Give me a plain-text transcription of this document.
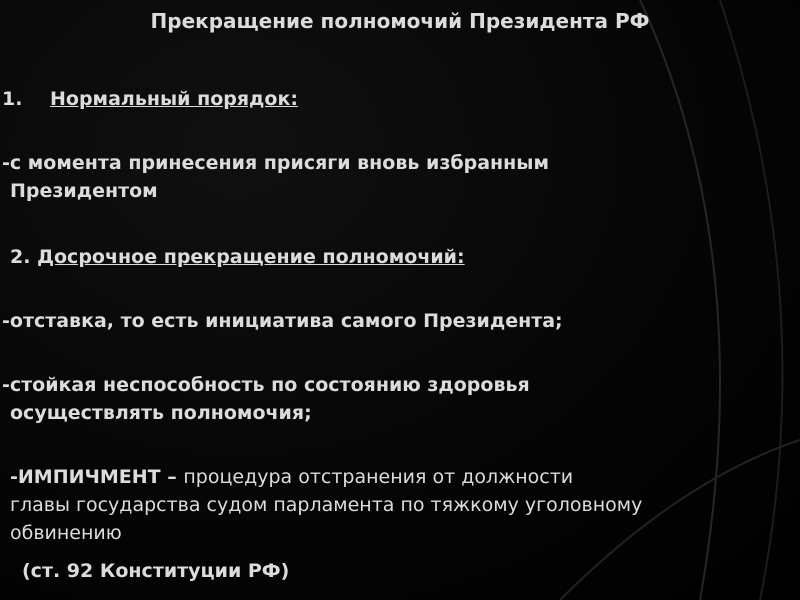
Прекращение полномочий Президента РФ

1. Нормальный порядок:

-с момента принесения присяги вновь избранным

Президентом

2. Досрочное прекращение полномочий:

-отставка, то есть инициатива самого Президента;

-стойкая неспособность по состоянию здоровья

осуществлять полномочия;

-ИМПИЧМЕНТ – процедура отстранения от должности

главы государства судом парламента по тяжкому уголовному

обвинению

(ст. 92 Конституции РФ)
